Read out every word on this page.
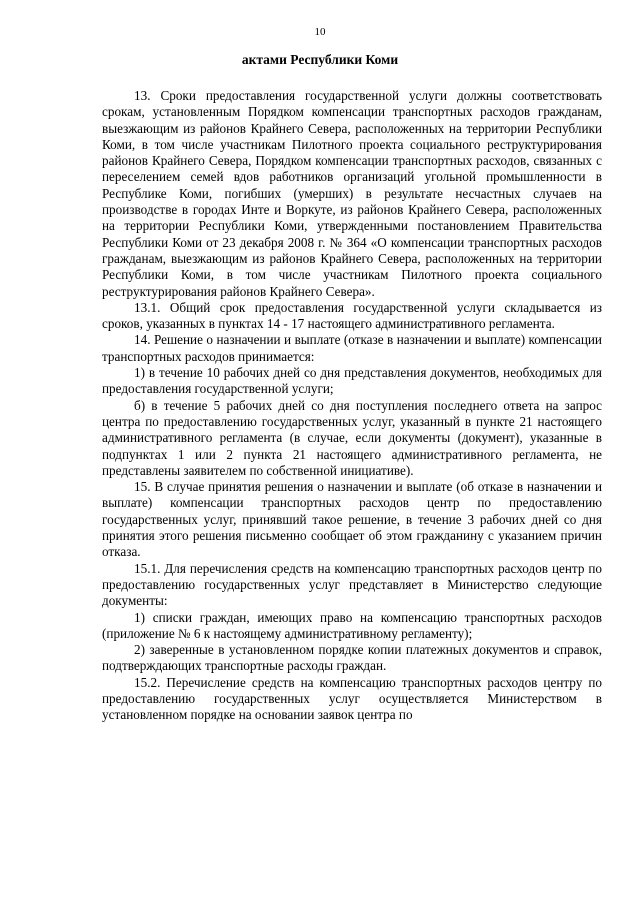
10
актами Республики Коми

13. Сроки предоставления государственной услуги должны соответствовать срокам, установленным Порядком компенсации транспортных расходов гражданам, выезжающим из районов Крайнего Севера, расположенных на территории Республики Коми, в том числе участникам Пилотного проекта социального реструктурирования районов Крайнего Севера, Порядком компенсации транспортных расходов, связанных с переселением семей вдов работников организаций угольной промышленности в Республике Коми, погибших (умерших) в результате несчастных случаев на производстве в городах Инте и Воркуте, из районов Крайнего Севера, расположенных на территории Республики Коми, утвержденными постановлением Правительства Республики Коми от 23 декабря 2008 г. № 364 «О компенсации транспортных расходов гражданам, выезжающим из районов Крайнего Севера, расположенных на территории Республики Коми, в том числе участникам Пилотного проекта социального реструктурирования районов Крайнего Севера».

13.1. Общий срок предоставления государственной услуги складывается из сроков, указанных в пунктах 14 - 17 настоящего административного регламента.

14. Решение о назначении и выплате (отказе в назначении и выплате) компенсации транспортных расходов принимается:

1) в течение 10 рабочих дней со дня представления документов, необходимых для предоставления государственной услуги;

б) в течение 5 рабочих дней со дня поступления последнего ответа на запрос центра по предоставлению государственных услуг, указанный в пункте 21 настоящего административного регламента (в случае, если документы (документ), указанные в подпунктах 1 или 2 пункта 21 настоящего административного регламента, не представлены заявителем по собственной инициативе).

15. В случае принятия решения о назначении и выплате (об отказе в назначении и выплате) компенсации транспортных расходов центр по предоставлению государственных услуг, принявший такое решение, в течение 3 рабочих дней со дня принятия этого решения письменно сообщает об этом гражданину с указанием причин отказа.

15.1. Для перечисления средств на компенсацию транспортных расходов центр по предоставлению государственных услуг представляет в Министерство следующие документы:

1) списки граждан, имеющих право на компенсацию транспортных расходов (приложение № 6 к настоящему административному регламенту);

2) заверенные в установленном порядке копии платежных документов и справок, подтверждающих транспортные расходы граждан.

15.2. Перечисление средств на компенсацию транспортных расходов центру по предоставлению государственных услуг осуществляется Министерством в установленном порядке на основании заявок центра по
